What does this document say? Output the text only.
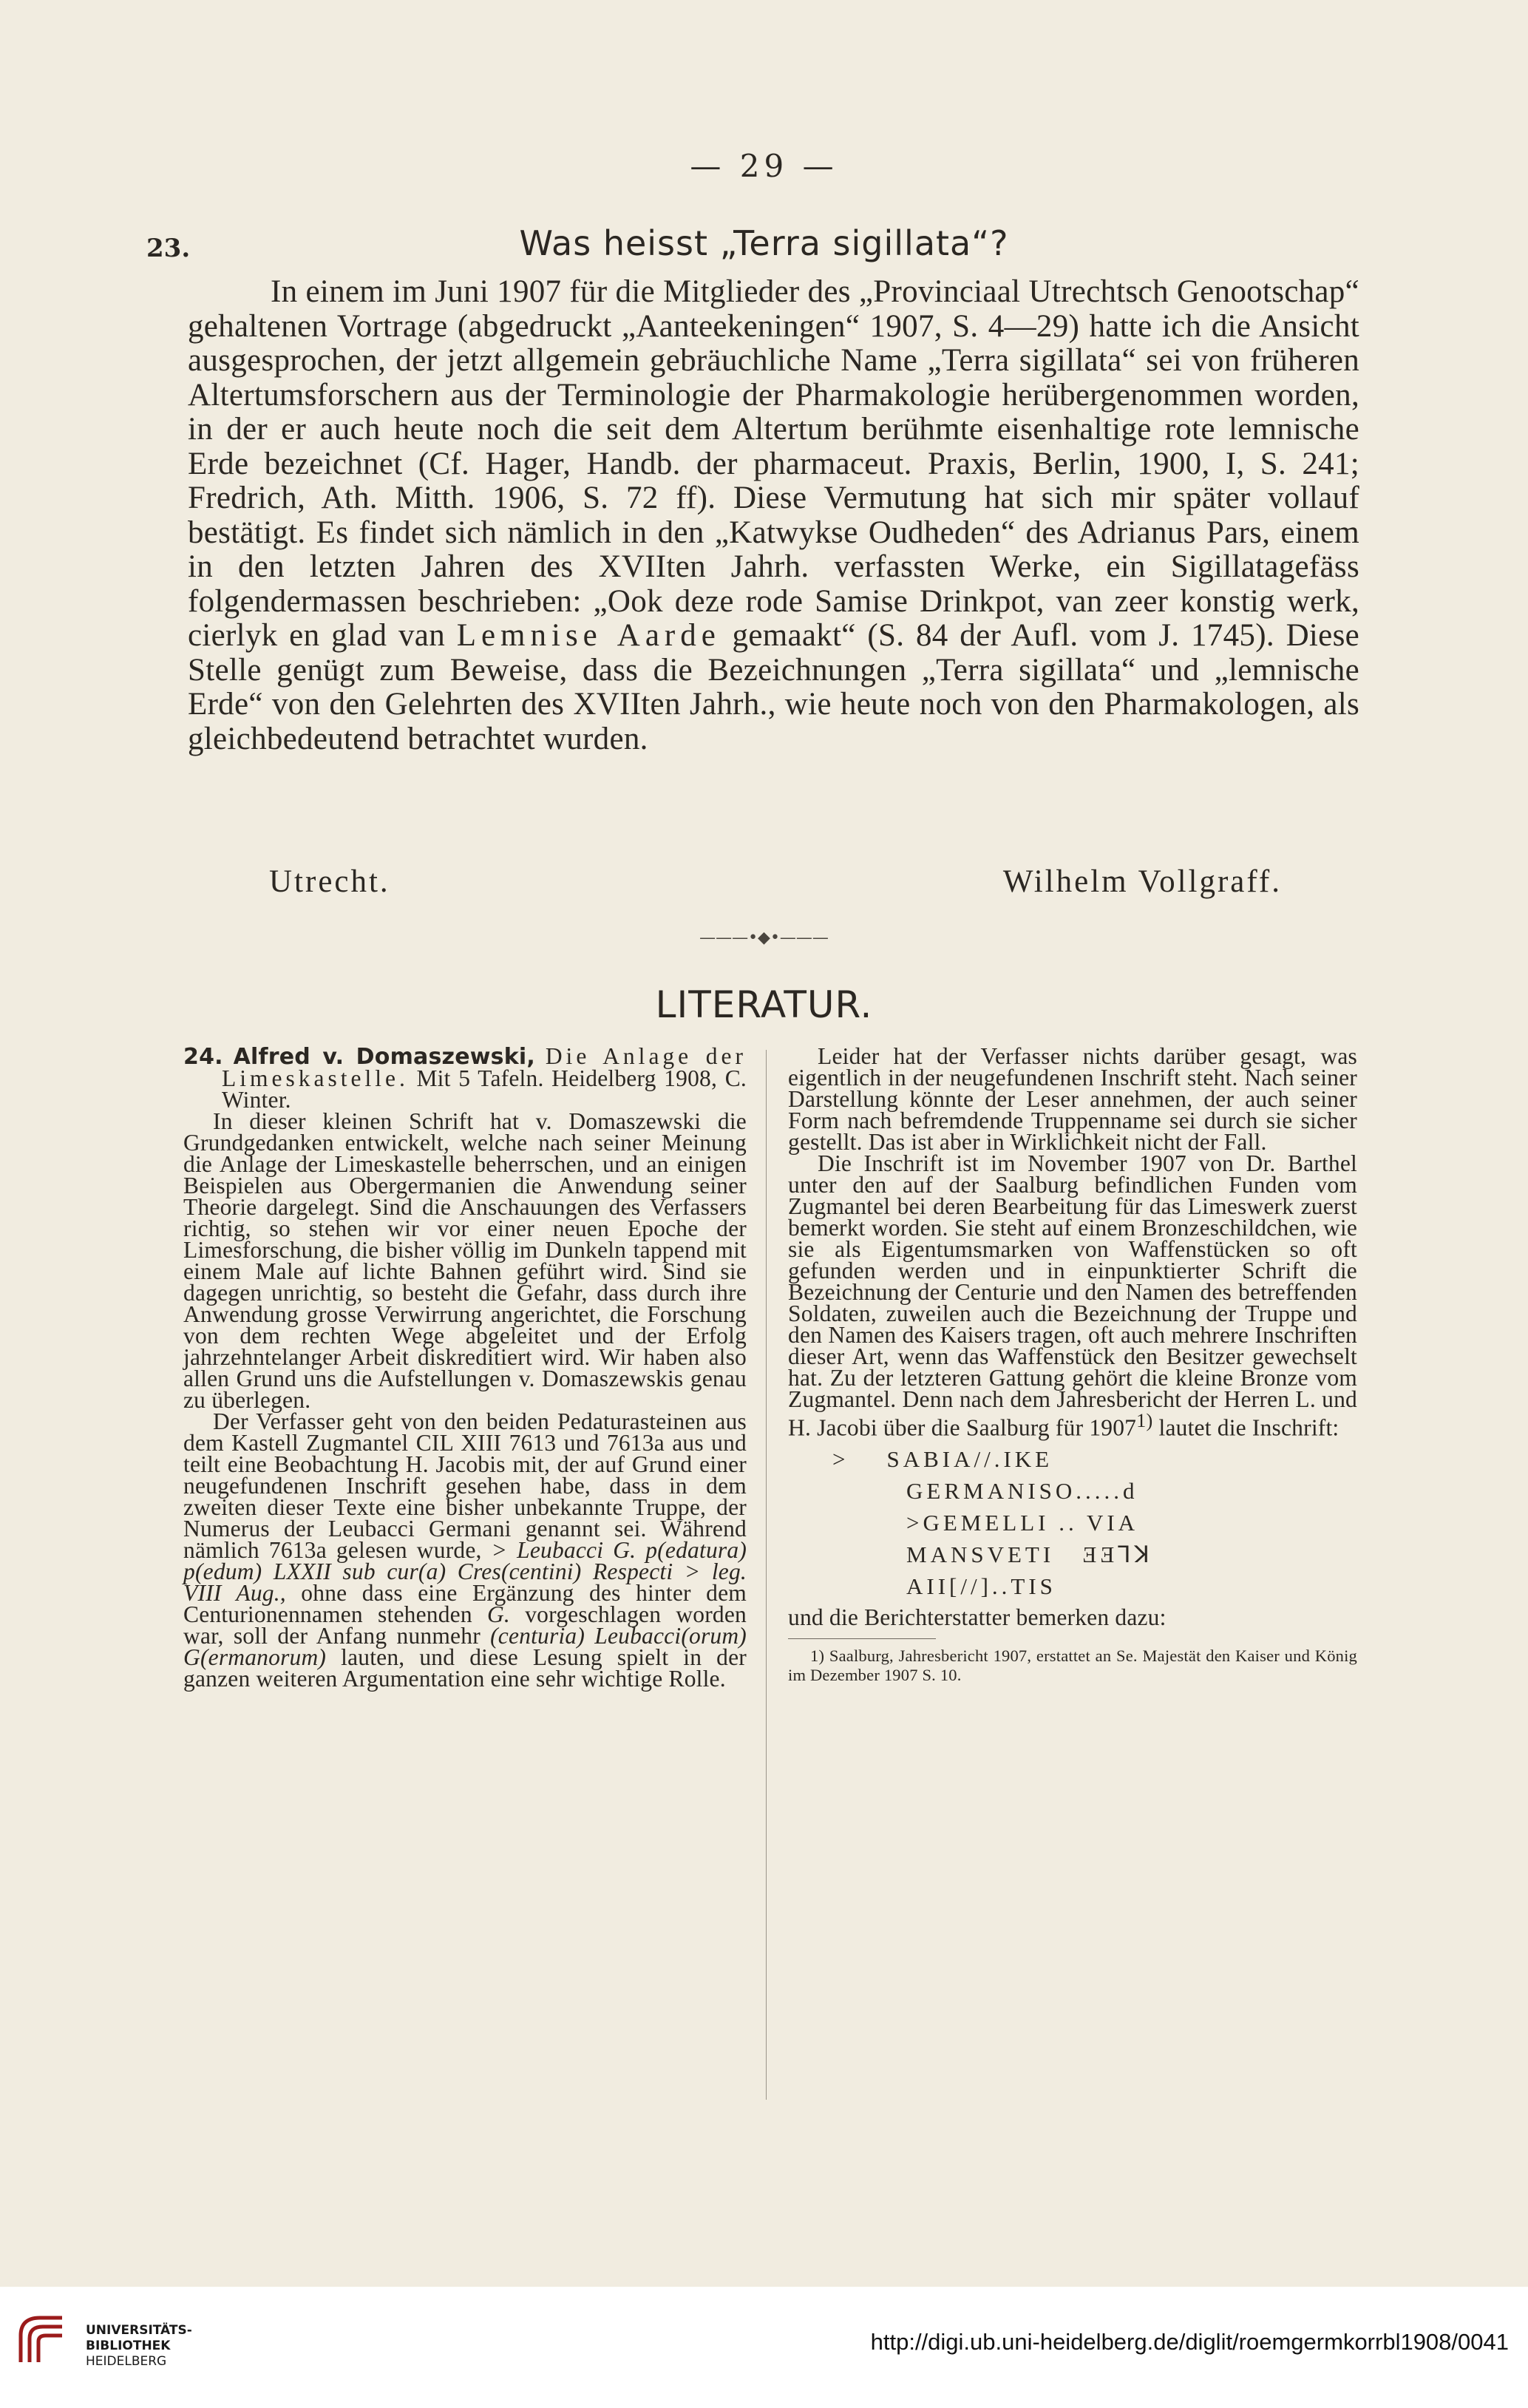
— 29 —
23.	Was heisst „Terra sigillata“?
In einem im Juni 1907 für die Mitglieder des „Provinciaal Utrechtsch Genootschap“ gehaltenen Vortrage (abgedruckt „Aanteekeningen“ 1907, S. 4—29) hatte ich die Ansicht ausgesprochen, der jetzt allgemein gebräuchliche Name „Terra sigillata“ sei von früheren Altertumsforschern aus der Terminologie der Pharmakologie herübergenommen worden, in der er auch heute noch die seit dem Altertum berühmte eisenhaltige rote lemnische Erde bezeichnet (Cf. Hager, Handb. der pharmaceut. Praxis, Berlin, 1900, I, S. 241; Fredrich, Ath. Mitth. 1906, S. 72 ff). Diese Vermutung hat sich mir später vollauf bestätigt. Es findet sich nämlich in den „Katwykse Oudheden“ des Adrianus Pars, einem in den letzten Jahren des XVIIten Jahrh. verfassten Werke, ein Sigillatagefäss folgendermassen beschrieben: „Ook deze rode Samise Drinkpot, van zeer konstig werk, cierlyk en glad van Lemnise Aarde gemaakt“ (S. 84 der Aufl. vom J. 1745). Diese Stelle genügt zum Beweise, dass die Bezeichnungen „Terra sigillata“ und „lemnische Erde“ von den Gelehrten des XVIIten Jahrh., wie heute noch von den Pharmakologen, als gleichbedeutend betrachtet wurden.
Utrecht.	Wilhelm Vollgraff.
———•◆•———
LITERATUR.

24. Alfred v. Domaszewski, Die Anlage der Limeskastelle. Mit 5 Tafeln. Heidelberg 1908, C. Winter.

In dieser kleinen Schrift hat v. Domaszewski die Grundgedanken entwickelt, welche nach seiner Meinung die Anlage der Limeskastelle beherrschen, und an einigen Beispielen aus Obergermanien die Anwendung seiner Theorie dargelegt. Sind die Anschauungen des Verfassers richtig, so stehen wir vor einer neuen Epoche der Limesforschung, die bisher völlig im Dunkeln tappend mit einem Male auf lichte Bahnen geführt wird. Sind sie dagegen unrichtig, so besteht die Gefahr, dass durch ihre Anwendung grosse Verwirrung angerichtet, die Forschung von dem rechten Wege abgeleitet und der Erfolg jahrzehntelanger Arbeit diskreditiert wird. Wir haben also allen Grund uns die Aufstellungen v. Domaszewskis genau zu überlegen.

Der Verfasser geht von den beiden Pedaturasteinen aus dem Kastell Zugmantel CIL XIII 7613 und 7613a aus und teilt eine Beobachtung H. Jacobis mit, der auf Grund einer neugefundenen Inschrift gesehen habe, dass in dem zweiten dieser Texte eine bisher unbekannte Truppe, der Numerus der Leubacci Germani genannt sei. Während nämlich 7613a gelesen wurde, > Leubacci G. p(edatura) p(edum) LXXII sub cur(a) Cres(centini) Respecti > leg. VIII Aug., ohne dass eine Ergänzung des hinter dem Centurionennamen stehenden G. vorgeschlagen worden war, soll der Anfang nunmehr (centuria) Leubacci(orum) G(ermanorum) lauten, und diese Lesung spielt in der ganzen weiteren Argumentation eine sehr wichtige Rolle.

Leider hat der Verfasser nichts darüber gesagt, was eigentlich in der neugefundenen Inschrift steht. Nach seiner Darstellung könnte der Leser annehmen, der auch seiner Form nach befremdende Truppenname sei durch sie sicher gestellt. Das ist aber in Wirklichkeit nicht der Fall.

Die Inschrift ist im November 1907 von Dr. Barthel unter den auf der Saalburg befindlichen Funden vom Zugmantel bei deren Bearbeitung für das Limeswerk zuerst bemerkt worden. Sie steht auf einem Bronzeschildchen, wie sie als Eigentumsmarken von Waffenstücken so oft gefunden werden und in einpunktierter Schrift die Bezeichnung der Centurie und den Namen des betreffenden Soldaten, zuweilen auch die Bezeichnung der Truppe und den Namen des Kaisers tragen, oft auch mehrere Inschriften dieser Art, wenn das Waffenstück den Besitzer gewechselt hat. Zu der letzteren Gattung gehört die kleine Bronze vom Zugmantel. Denn nach dem Jahresbericht der Herren L. und H. Jacobi über die Saalburg für 1907$^{1)}$ lautet die Inschrift:

>    SABIA//.IKE
GERMANISO.....d
>GEMELLI .. VIA
MANSVETI   ƎƎꓶꓘ
AII[//]..TIS

und die Berichterstatter bemerken dazu:

1) Saalburg, Jahresbericht 1907, erstattet an Se. Majestät den Kaiser und König im Dezember 1907 S. 10.
UNIVERSITÄTS-
BIBLIOTHEK
HEIDELBERG
http://digi.ub.uni-heidelberg.de/diglit/roemgermkorrbl1908/0041
